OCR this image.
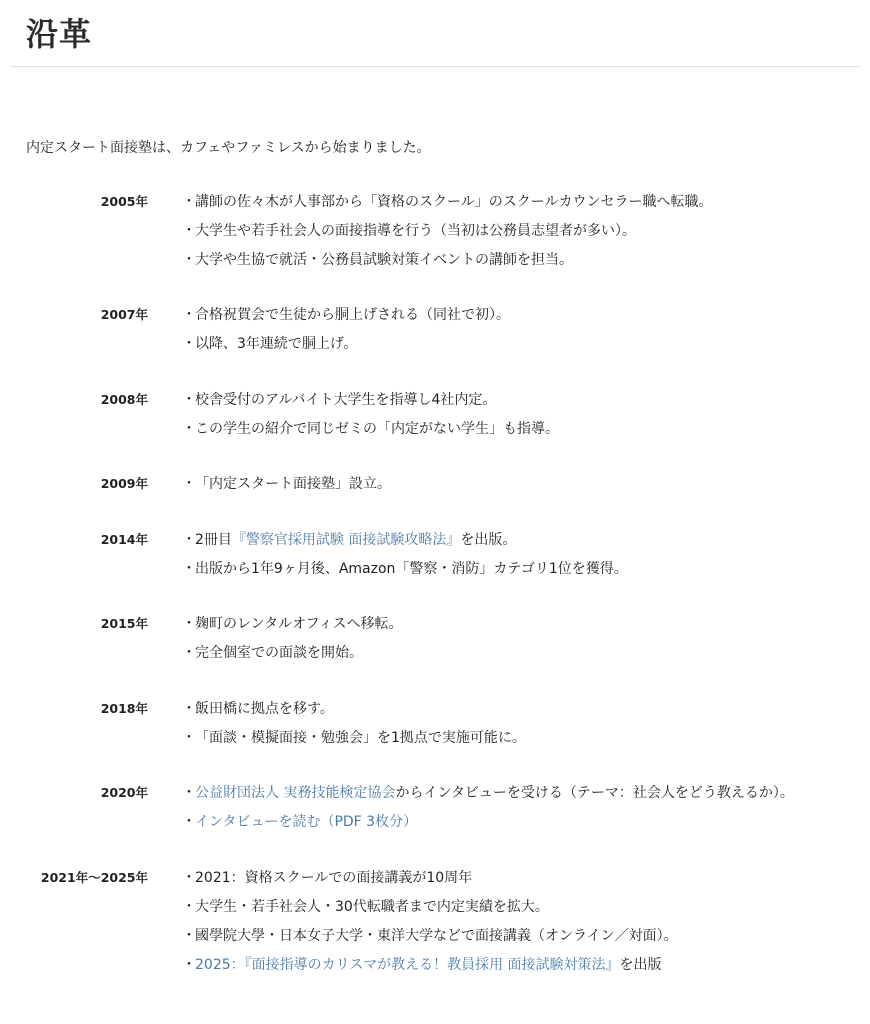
沿革

内定スタート面接塾は、カフェやファミレスから始まりました。

2005年 ・講師の佐々木が人事部から「資格のスクール」のスクールカウンセラー職へ転職。
・大学生や若手社会人の面接指導を行う（当初は公務員志望者が多い）。
・大学や生協で就活・公務員試験対策イベントの講師を担当。
2007年 ・合格祝賀会で生徒から胴上げされる（同社で初）。
・以降、3年連続で胴上げ。
2008年 ・校舎受付のアルバイト大学生を指導し4社内定。
・この学生の紹介で同じゼミの「内定がない学生」も指導。
2009年 ・「内定スタート面接塾」設立。
2014年 ・2冊目『警察官採用試験 面接試験攻略法』を出版。
・出版から1年9ヶ月後、Amazon「警察・消防」カテゴリ1位を獲得。
2015年 ・麹町のレンタルオフィスへ移転。
・完全個室での面談を開始。
2018年 ・飯田橋に拠点を移す。
・「面談・模擬面接・勉強会」を1拠点で実施可能に。
2020年 ・公益財団法人 実務技能検定協会からインタビューを受ける（テーマ：社会人をどう教えるか）。
・インタビューを読む（PDF 3枚分）
2021年〜2025年 ・2021：資格スクールでの面接講義が10周年
・大学生・若手社会人・30代転職者まで内定実績を拡大。
・國學院大學・日本女子大学・東洋大学などで面接講義（オンライン／対面）。
・2025：『面接指導のカリスマが教える！教員採用 面接試験対策法』を出版
